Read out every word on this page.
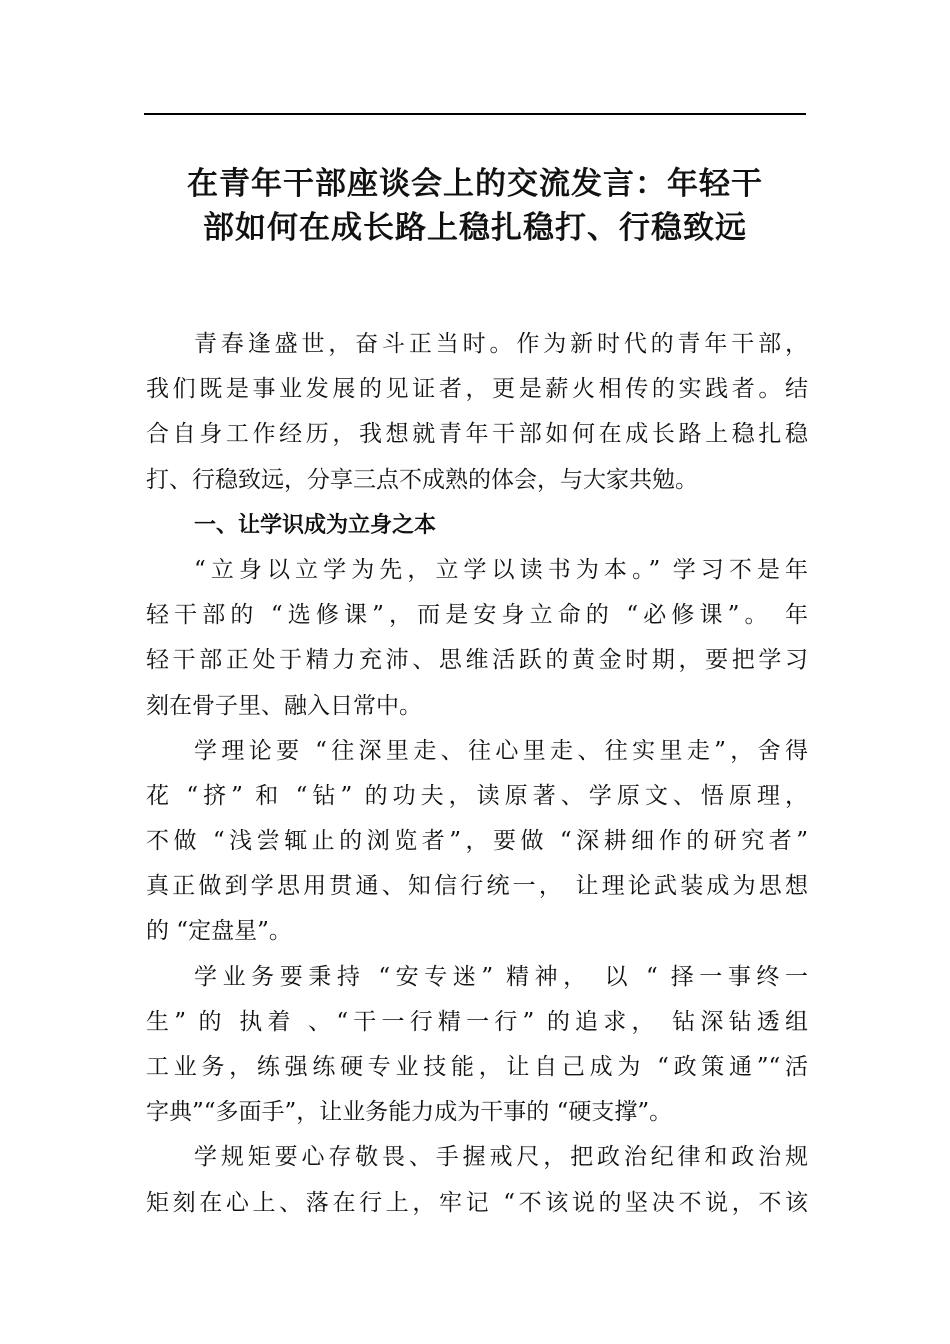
在青年干部座谈会上的交流发言：年轻干
部如何在成长路上稳扎稳打、行稳致远
青春逢盛世，奋斗正当时。作为新时代的青年干部，
我们既是事业发展的见证者，更是薪火相传的实践者。结
合自身工作经历，我想就青年干部如何在成长路上稳扎稳
打、行稳致远，分享三点不成熟的体会，与大家共勉。
一、让学识成为立身之本
“立身以立学为先，立学以读书为本。” 学习不是年
轻干部的 “选修课”，而是安身立命的 “必修课”。 年
轻干部正处于精力充沛、思维活跃的黄金时期，要把学习
刻在骨子里、融入日常中。
学理论要 “往深里走、往心里走、往实里走”，舍得
花 “挤” 和 “钻” 的功夫，读原著、学原文、悟原理，
不做 “浅尝辄止的浏览者”，要做 “深耕细作的研究者”
真正做到学思用贯通、知信行统一， 让理论武装成为思想
的 “定盘星”。
学业务要秉持 “安专迷” 精神， 以 “ 择一事终一
生” 的 执着 、“干一行精一行” 的追求， 钻深钻透组
工业务，练强练硬专业技能，让自己成为 “政策通”“活
字典”“多面手”，让业务能力成为干事的 “硬支撑”。
学规矩要心存敬畏、手握戒尺，把政治纪律和政治规
矩刻在心上、落在行上，牢记 “不该说的坚决不说，不该
